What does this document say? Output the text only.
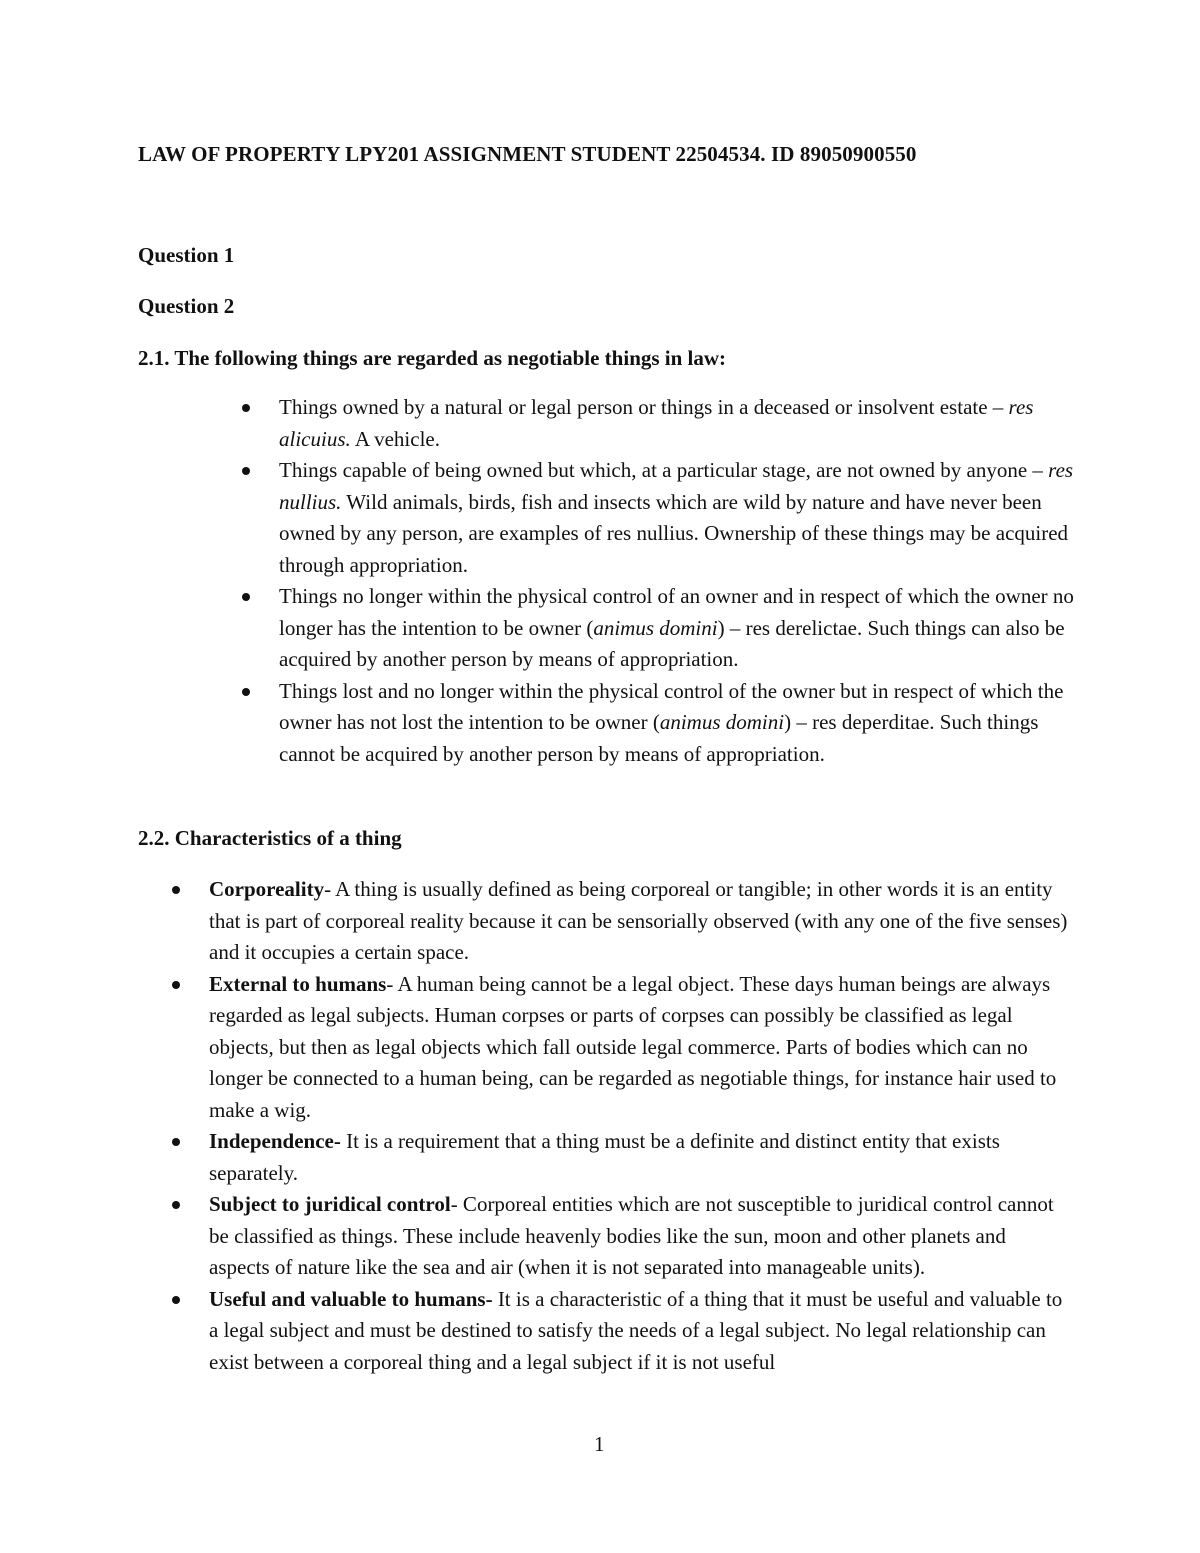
LAW OF PROPERTY LPY201 ASSIGNMENT STUDENT 22504534. ID 89050900550
Question 1
Question 2
2.1. The following things are regarded as negotiable things in law:
Things owned by a natural or legal person or things in a deceased or insolvent estate – res alicuius. A vehicle.
Things capable of being owned but which, at a particular stage, are not owned by anyone – res nullius. Wild animals, birds, fish and insects which are wild by nature and have never been owned by any person, are examples of res nullius. Ownership of these things may be acquired through appropriation.
Things no longer within the physical control of an owner and in respect of which the owner no longer has the intention to be owner (animus domini) – res derelictae. Such things can also be acquired by another person by means of appropriation.
Things lost and no longer within the physical control of the owner but in respect of which the owner has not lost the intention to be owner (animus domini) – res deperditae. Such things cannot be acquired by another person by means of appropriation.
2.2. Characteristics of a thing
Corporeality- A thing is usually defined as being corporeal or tangible; in other words it is an entity that is part of corporeal reality because it can be sensorially observed (with any one of the five senses) and it occupies a certain space.
External to humans- A human being cannot be a legal object. These days human beings are always regarded as legal subjects. Human corpses or parts of corpses can possibly be classified as legal objects, but then as legal objects which fall outside legal commerce. Parts of bodies which can no longer be connected to a human being, can be regarded as negotiable things, for instance hair used to make a wig.
Independence- It is a requirement that a thing must be a definite and distinct entity that exists separately.
Subject to juridical control- Corporeal entities which are not susceptible to juridical control cannot be classified as things. These include heavenly bodies like the sun, moon and other planets and aspects of nature like the sea and air (when it is not separated into manageable units).
Useful and valuable to humans- It is a characteristic of a thing that it must be useful and valuable to a legal subject and must be destined to satisfy the needs of a legal subject. No legal relationship can exist between a corporeal thing and a legal subject if it is not useful
1
